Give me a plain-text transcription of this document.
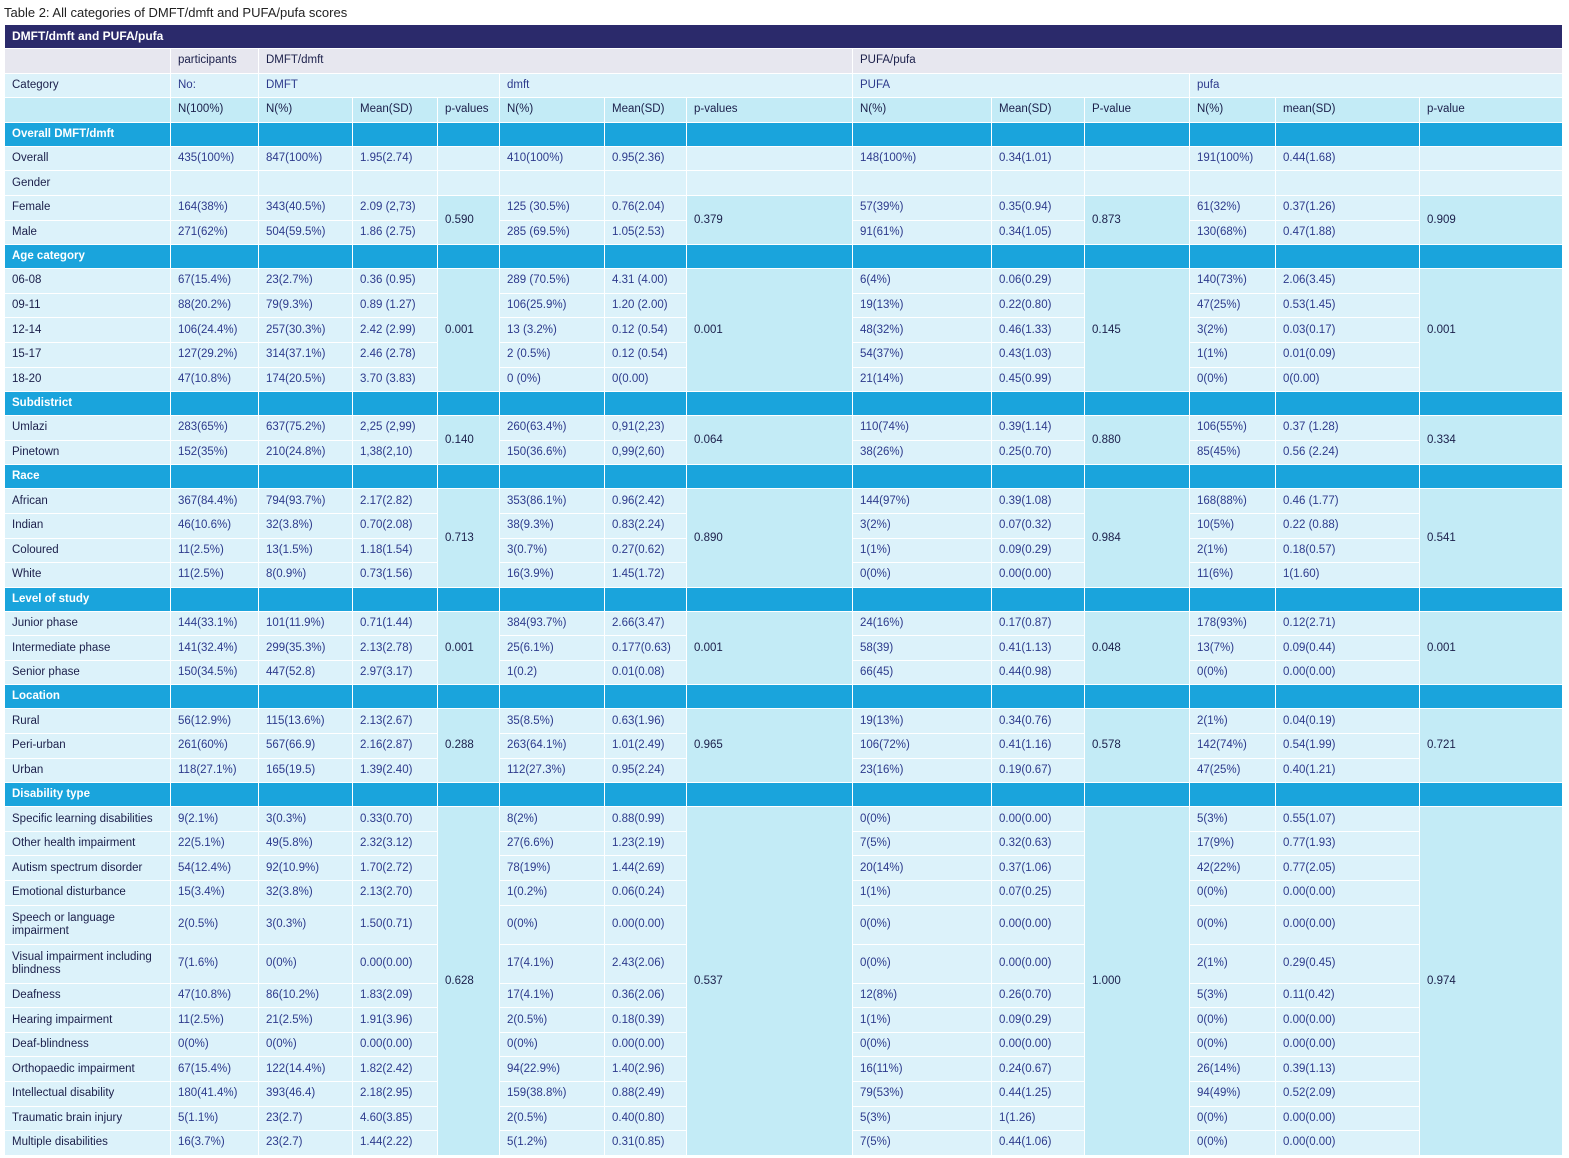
Table 2: All categories of DMFT/dmft and PUFA/pufa scores
DMFT/dmft and PUFA/pufa													
	participants	DMFT/dmft						PUFA/pufa					
Category	No:	DMFT			dmft			PUFA			pufa		
	N(100%)	N(%)	Mean(SD)	p-values	N(%)	Mean(SD)	p-values	N(%)	Mean(SD)	P-value	N(%)	mean(SD)	p-value
Overall DMFT/dmft													
Overall	435(100%)	847(100%)	1.95(2.74)		410(100%)	0.95(2.36)		148(100%)	0.34(1.01)		191(100%)	0.44(1.68)	
Gender													
Female	164(38%)	343(40.5%)	2.09 (2,73)	0.590	125 (30.5%)	0.76(2.04)	0.379	57(39%)	0.35(0.94)	0.873	61(32%)	0.37(1.26)	0.909
Male	271(62%)	504(59.5%)	1.86 (2.75)		285 (69.5%)	1.05(2.53)		91(61%)	0.34(1.05)		130(68%)	0.47(1.88)	
Age category													
06-08	67(15.4%)	23(2.7%)	0.36 (0.95)	0.001	289 (70.5%)	4.31 (4.00)	0.001	6(4%)	0.06(0.29)	0.145	140(73%)	2.06(3.45)	0.001
09-11	88(20.2%)	79(9.3%)	0.89 (1.27)		106(25.9%)	1.20 (2.00)		19(13%)	0.22(0.80)		47(25%)	0.53(1.45)	
12-14	106(24.4%)	257(30.3%)	2.42 (2.99)		13 (3.2%)	0.12 (0.54)		48(32%)	0.46(1.33)		3(2%)	0.03(0.17)	
15-17	127(29.2%)	314(37.1%)	2.46 (2.78)		2 (0.5%)	0.12 (0.54)		54(37%)	0.43(1.03)		1(1%)	0.01(0.09)	
18-20	47(10.8%)	174(20.5%)	3.70 (3.83)		0 (0%)	0(0.00)		21(14%)	0.45(0.99)		0(0%)	0(0.00)	
Subdistrict													
Umlazi	283(65%)	637(75.2%)	2,25 (2,99)	0.140	260(63.4%)	0,91(2,23)	0.064	110(74%)	0.39(1.14)	0.880	106(55%)	0.37 (1.28)	0.334
Pinetown	152(35%)	210(24.8%)	1,38(2,10)		150(36.6%)	0,99(2,60)		38(26%)	0.25(0.70)		85(45%)	0.56 (2.24)	
Race													
African	367(84.4%)	794(93.7%)	2.17(2.82)	0.713	353(86.1%)	0.96(2.42)	0.890	144(97%)	0.39(1.08)	0.984	168(88%)	0.46 (1.77)	0.541
Indian	46(10.6%)	32(3.8%)	0.70(2.08)		38(9.3%)	0.83(2.24)		3(2%)	0.07(0.32)		10(5%)	0.22 (0.88)	
Coloured	11(2.5%)	13(1.5%)	1.18(1.54)		3(0.7%)	0.27(0.62)		1(1%)	0.09(0.29)		2(1%)	0.18(0.57)	
White	11(2.5%)	8(0.9%)	0.73(1.56)		16(3.9%)	1.45(1.72)		0(0%)	0.00(0.00)		11(6%)	1(1.60)	
Level of study													
Junior phase	144(33.1%)	101(11.9%)	0.71(1.44)	0.001	384(93.7%)	2.66(3.47)	0.001	24(16%)	0.17(0.87)	0.048	178(93%)	0.12(2.71)	0.001
Intermediate phase	141(32.4%)	299(35.3%)	2.13(2.78)		25(6.1%)	0.177(0.63)		58(39)	0.41(1.13)		13(7%)	0.09(0.44)	
Senior phase	150(34.5%)	447(52.8)	2.97(3.17)		1(0.2)	0.01(0.08)		66(45)	0.44(0.98)		0(0%)	0.00(0.00)	
Location													
Rural	56(12.9%)	115(13.6%)	2.13(2.67)	0.288	35(8.5%)	0.63(1.96)	0.965	19(13%)	0.34(0.76)	0.578	2(1%)	0.04(0.19)	0.721
Peri-urban	261(60%)	567(66.9)	2.16(2.87)		263(64.1%)	1.01(2.49)		106(72%)	0.41(1.16)		142(74%)	0.54(1.99)	
Urban	118(27.1%)	165(19.5)	1.39(2.40)		112(27.3%)	0.95(2.24)		23(16%)	0.19(0.67)		47(25%)	0.40(1.21)	
Disability type													
Specific learning disabilities	9(2.1%)	3(0.3%)	0.33(0.70)	0.628	8(2%)	0.88(0.99)	0.537	0(0%)	0.00(0.00)	1.000	5(3%)	0.55(1.07)	0.974
Other health impairment	22(5.1%)	49(5.8%)	2.32(3.12)		27(6.6%)	1.23(2.19)		7(5%)	0.32(0.63)		17(9%)	0.77(1.93)	
Autism spectrum disorder	54(12.4%)	92(10.9%)	1.70(2.72)		78(19%)	1.44(2.69)		20(14%)	0.37(1.06)		42(22%)	0.77(2.05)	
Emotional disturbance	15(3.4%)	32(3.8%)	2.13(2.70)		1(0.2%)	0.06(0.24)		1(1%)	0.07(0.25)		0(0%)	0.00(0.00)	
Speech or language impairment	2(0.5%)	3(0.3%)	1.50(0.71)		0(0%)	0.00(0.00)		0(0%)	0.00(0.00)		0(0%)	0.00(0.00)	
Visual impairment including blindness	7(1.6%)	0(0%)	0.00(0.00)		17(4.1%)	2.43(2.06)		0(0%)	0.00(0.00)		2(1%)	0.29(0.45)	
Deafness	47(10.8%)	86(10.2%)	1.83(2.09)		17(4.1%)	0.36(2.06)		12(8%)	0.26(0.70)		5(3%)	0.11(0.42)	
Hearing impairment	11(2.5%)	21(2.5%)	1.91(3.96)		2(0.5%)	0.18(0.39)		1(1%)	0.09(0.29)		0(0%)	0.00(0.00)	
Deaf-blindness	0(0%)	0(0%)	0.00(0.00)		0(0%)	0.00(0.00)		0(0%)	0.00(0.00)		0(0%)	0.00(0.00)	
Orthopaedic impairment	67(15.4%)	122(14.4%)	1.82(2.42)		94(22.9%)	1.40(2.96)		16(11%)	0.24(0.67)		26(14%)	0.39(1.13)	
Intellectual disability	180(41.4%)	393(46.4)	2.18(2.95)		159(38.8%)	0.88(2.49)		79(53%)	0.44(1.25)		94(49%)	0.52(2.09)	
Traumatic brain injury	5(1.1%)	23(2.7)	4.60(3.85)		2(0.5%)	0.40(0.80)		5(3%)	1(1.26)		0(0%)	0.00(0.00)	
Multiple disabilities	16(3.7%)	23(2.7)	1.44(2.22)		5(1.2%)	0.31(0.85)		7(5%)	0.44(1.06)		0(0%)	0.00(0.00)	
